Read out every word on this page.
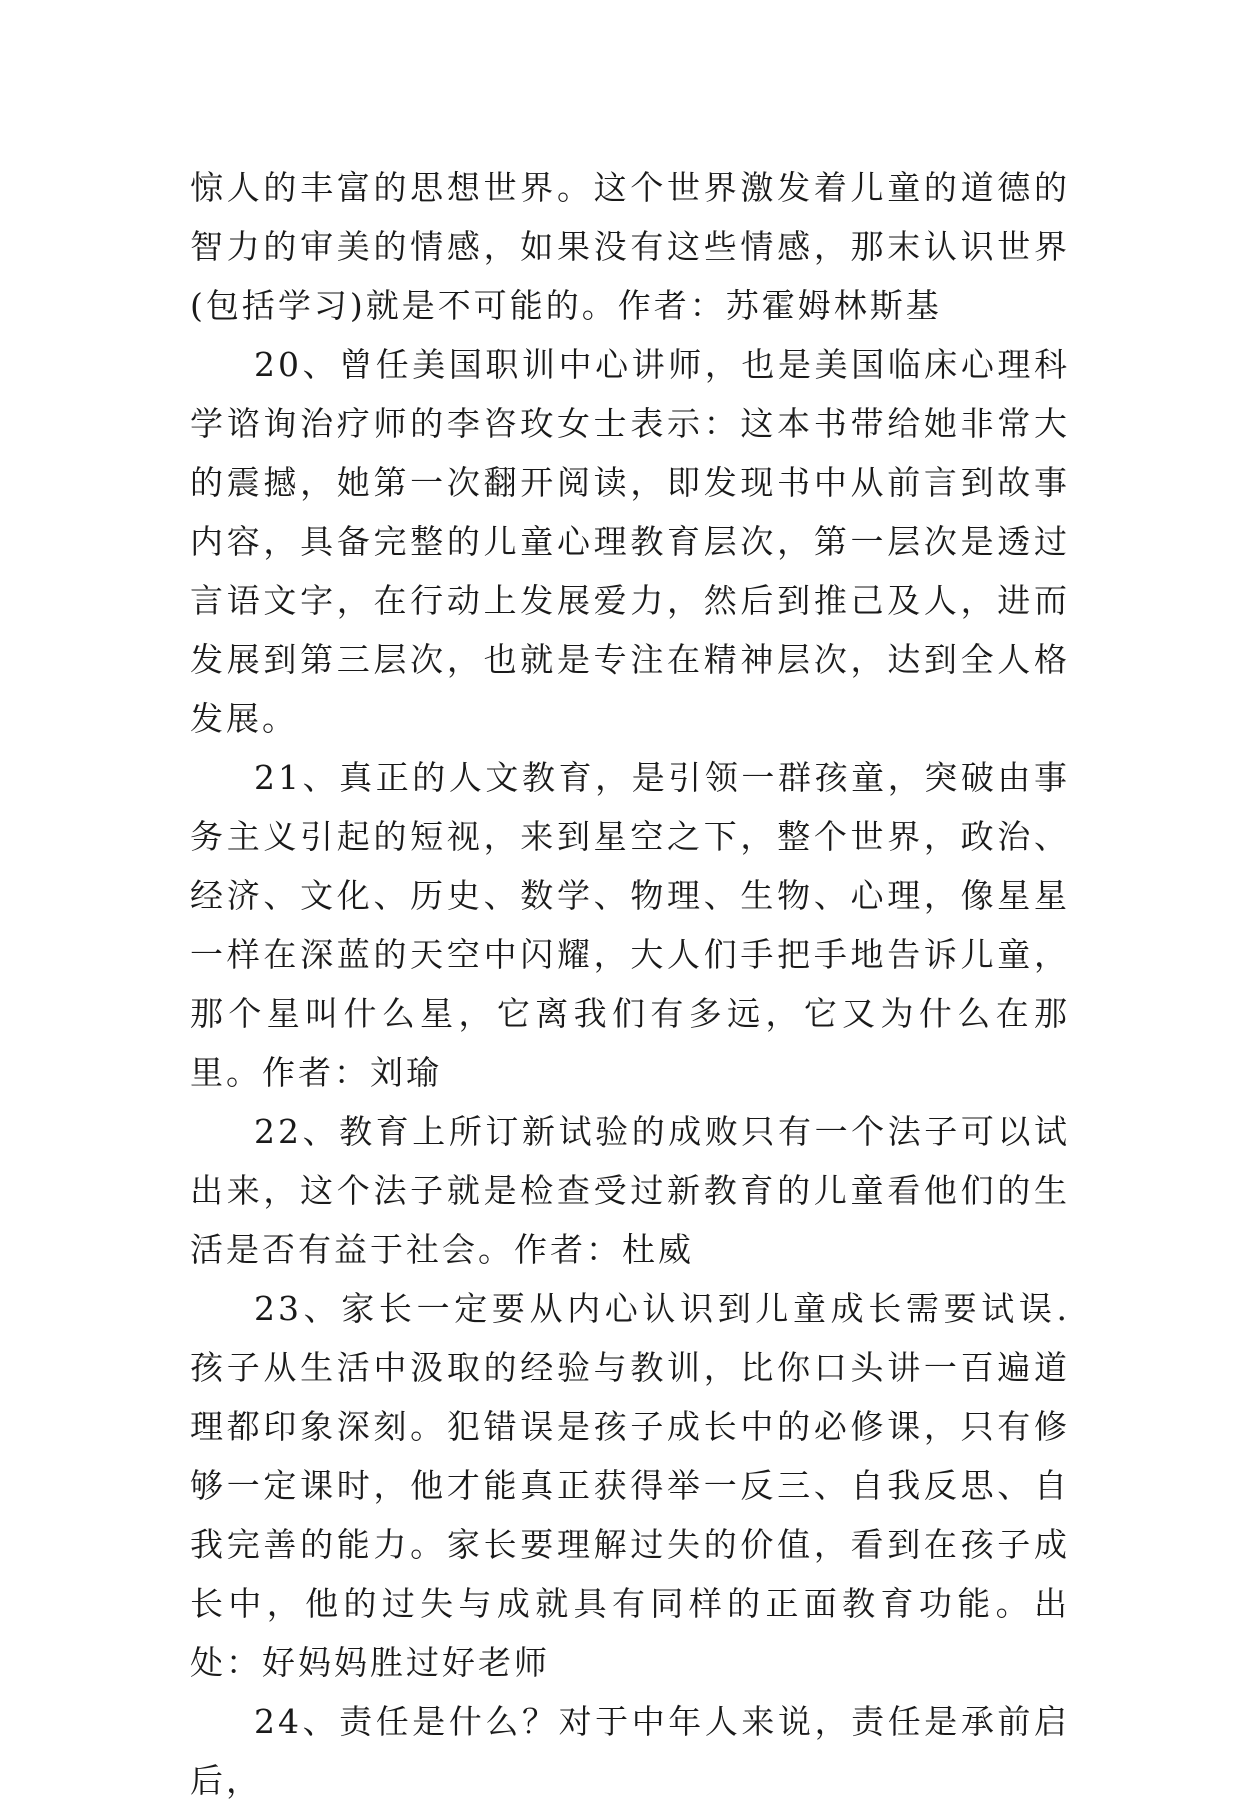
惊人的丰富的思想世界。这个世界激发着儿童的道德的智力的审美的情感，如果没有这些情感，那末认识世界(包括学习)就是不可能的。作者：苏霍姆林斯基

20、曾任美国职训中心讲师，也是美国临床心理科学谘询治疗师的李咨玫女士表示：这本书带给她非常大的震撼，她第一次翻开阅读，即发现书中从前言到故事内容，具备完整的儿童心理教育层次，第一层次是透过言语文字，在行动上发展爱力，然后到推己及人，进而发展到第三层次，也就是专注在精神层次，达到全人格发展。

21、真正的人文教育，是引领一群孩童，突破由事务主义引起的短视，来到星空之下，整个世界，政治、经济、文化、历史、数学、物理、生物、心理，像星星一样在深蓝的天空中闪耀，大人们手把手地告诉儿童，那个星叫什么星，它离我们有多远，它又为什么在那里。作者：刘瑜

22、教育上所订新试验的成败只有一个法子可以试出来，这个法子就是检查受过新教育的儿童看他们的生活是否有益于社会。作者：杜威

23、家长一定要从内心认识到儿童成长需要试误.孩子从生活中汲取的经验与教训，比你口头讲一百遍道理都印象深刻。犯错误是孩子成长中的必修课，只有修够一定课时，他才能真正获得举一反三、自我反思、自我完善的能力。家长要理解过失的价值，看到在孩子成长中，他的过失与成就具有同样的正面教育功能。出处：好妈妈胜过好老师

24、责任是什么？对于中年人来说，责任是承前启后，
